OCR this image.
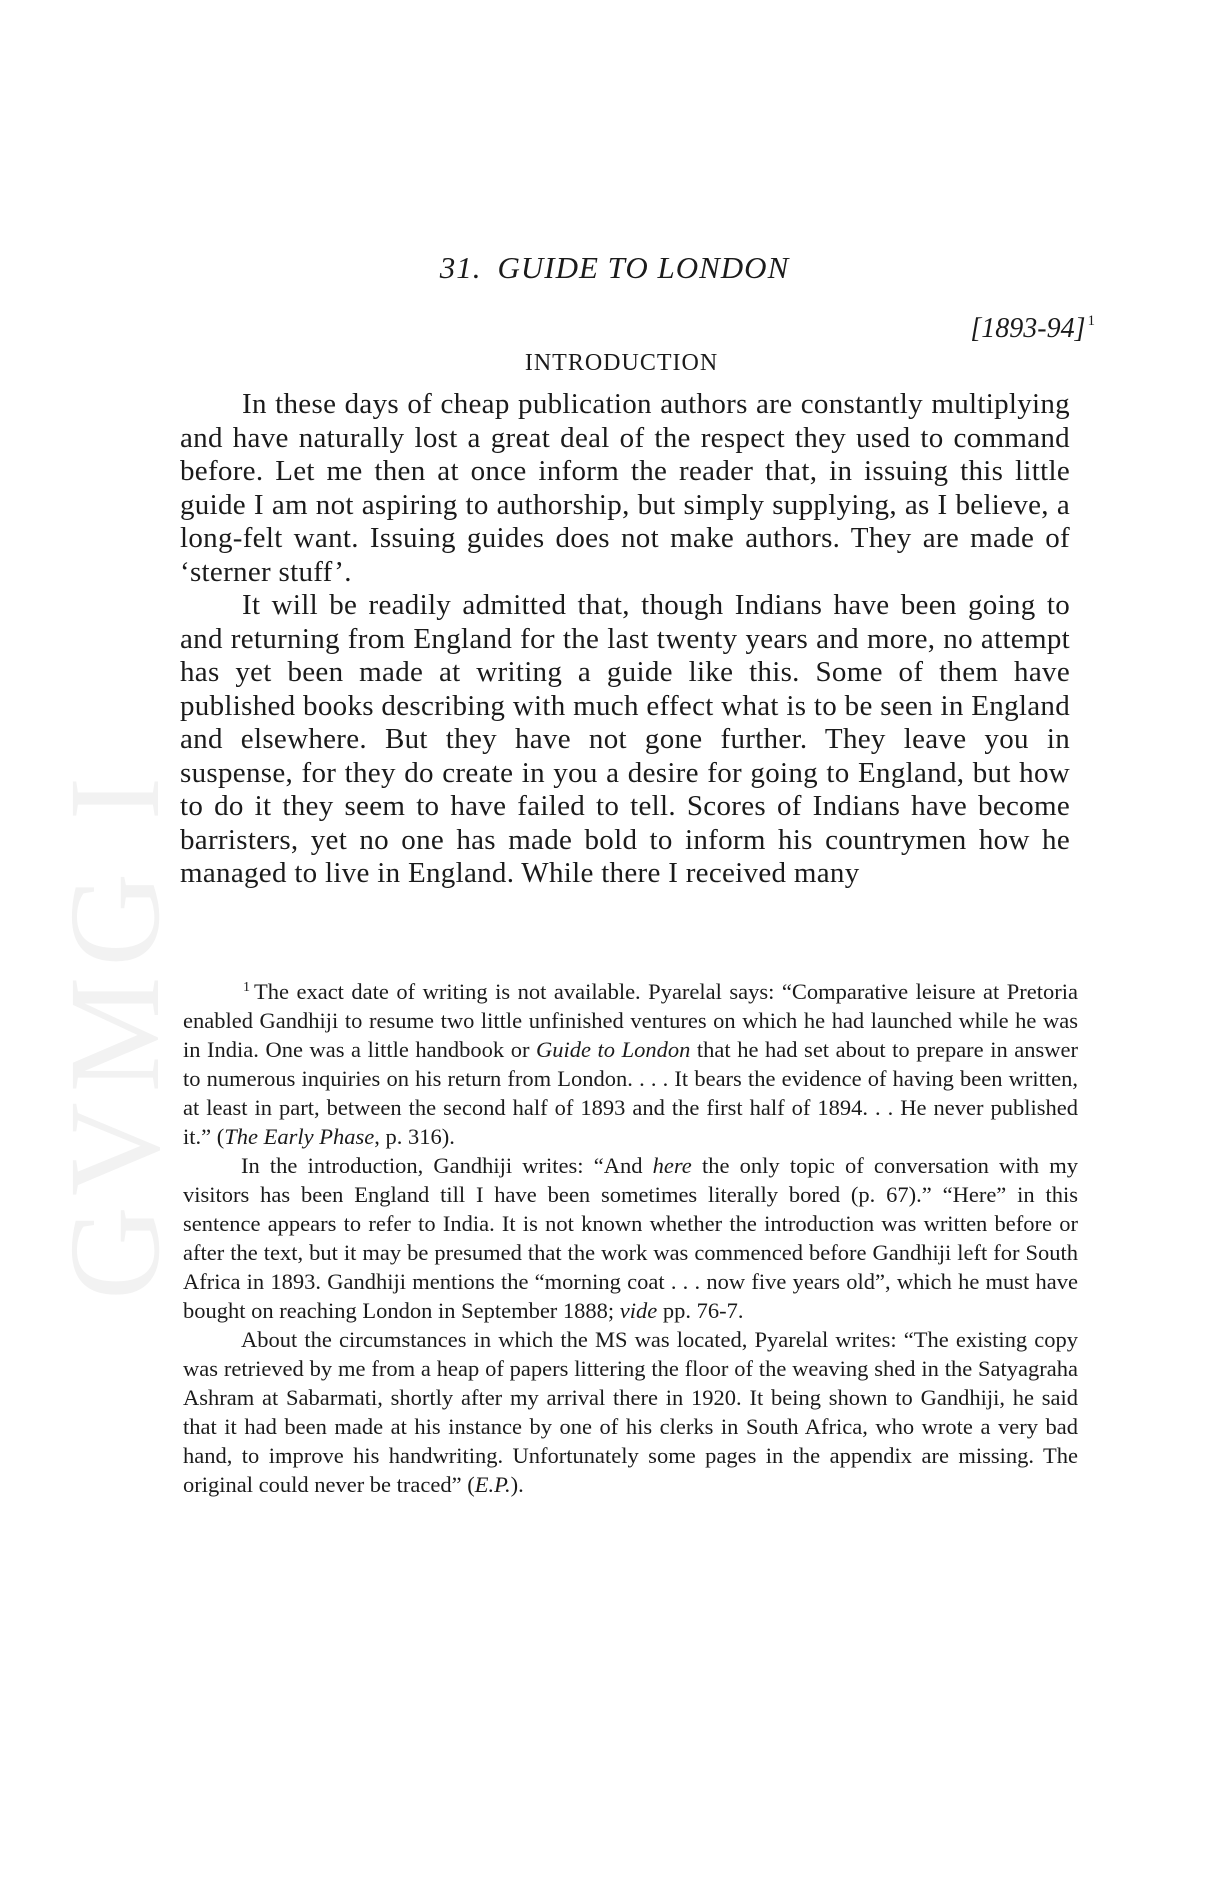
GVMG I
31. GUIDE TO LONDON
[1893-94] $^1$
INTRODUCTION

In these days of cheap publication authors are constantly multiplying and have naturally lost a great deal of the respect they used to command before. Let me then at once inform the reader that, in issuing this little guide I am not aspiring to authorship, but simply supplying, as I believe, a long-felt want. Issuing guides does not make authors. They are made of ‘sterner stuff’.

It will be readily admitted that, though Indians have been going to and returning from England for the last twenty years and more, no attempt has yet been made at writing a guide like this. Some of them have published books describing with much effect what is to be seen in England and elsewhere. But they have not gone further. They leave you in suspense, for they do create in you a desire for going to England, but how to do it they seem to have failed to tell. Scores of Indians have become barristers, yet no one has made bold to inform his countrymen how he managed to live in England. While there I received many

$^1$ The exact date of writing is not available. Pyarelal says: “Comparative leisure at Pretoria enabled Gandhiji to resume two little unfinished ventures on which he had launched while he was in India. One was a little handbook or Guide to London that he had set about to prepare in answer to numerous inquiries on his return from London. . . . It bears the evidence of having been written, at least in part, between the second half of 1893 and the first half of 1894. . . He never published it.” (The Early Phase, p. 316).

In the introduction, Gandhiji writes: “And here the only topic of conversation with my visitors has been England till I have been sometimes literally bored (p. 67).” “Here” in this sentence appears to refer to India. It is not known whether the introduction was written before or after the text, but it may be presumed that the work was commenced before Gandhiji left for South Africa in 1893. Gandhiji mentions the “morning coat . . . now five years old”, which he must have bought on reaching London in September 1888; vide pp. 76-7.

About the circumstances in which the MS was located, Pyarelal writes: “The existing copy was retrieved by me from a heap of papers littering the floor of the weaving shed in the Satyagraha Ashram at Sabarmati, shortly after my arrival there in 1920. It being shown to Gandhiji, he said that it had been made at his instance by one of his clerks in South Africa, who wrote a very bad hand, to improve his handwriting. Unfortunately some pages in the appendix are missing. The original could never be traced” (E.P.).
